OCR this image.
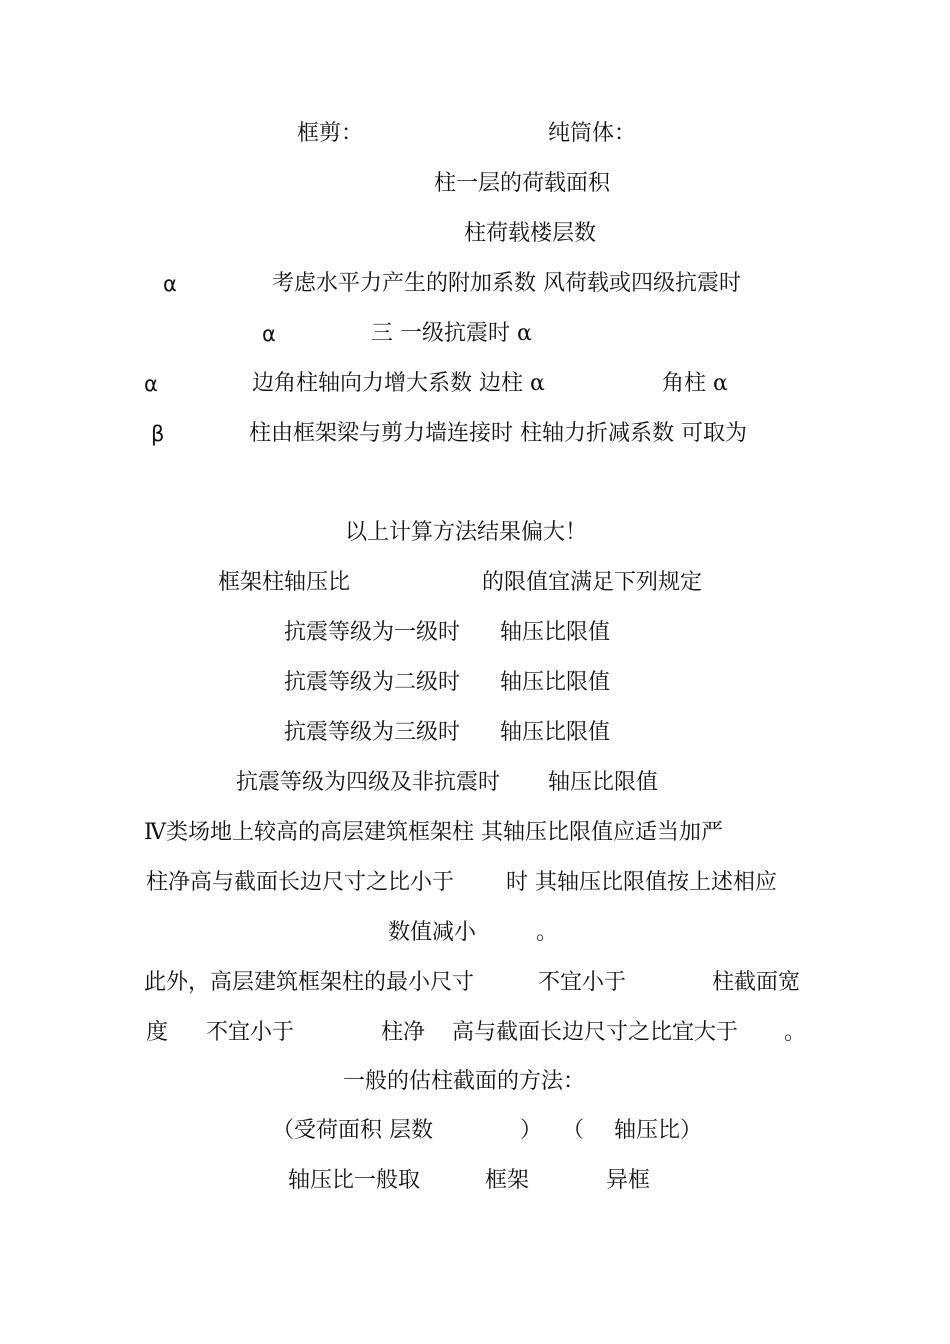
框剪：	纯筒体：
柱一层的荷载面积
柱荷载楼层数
α	考虑水平力产生的附加系数 风荷载或四级抗震时
α	三 一级抗震时 α
α	边角柱轴向力增大系数 边柱 α	角柱 α
β	柱由框架梁与剪力墙连接时 柱轴力折减系数 可取为
以上计算方法结果偏大！
框架柱轴压比	的限值宜满足下列规定
抗震等级为一级时 轴压比限值
抗震等级为二级时 轴压比限值
抗震等级为三级时 轴压比限值
抗震等级为四级及非抗震时 轴压比限值
Ⅳ类场地上较高的高层建筑框架柱 其轴压比限值应适当加严
柱净高与截面长边尺寸之比小于 时 其轴压比限值按上述相应
数值减小	。
此外，高层建筑框架柱的最小尺寸	不宜小于	柱截面宽
度 不宜小于	柱净 高与截面长边尺寸之比宜大于 。
一般的估柱截面的方法：
（受荷面积 层数	） （ 轴压比）
轴压比一般取	框架	异框
